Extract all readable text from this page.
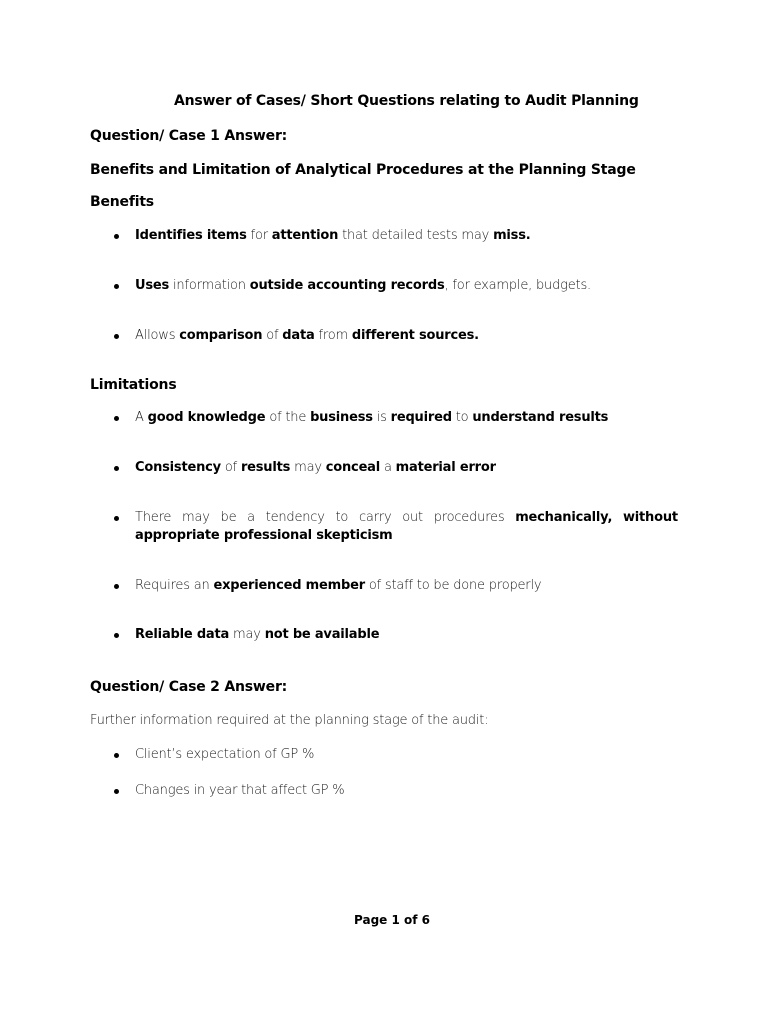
Answer of Cases/ Short Questions relating to Audit Planning
Question/ Case 1 Answer:
Benefits and Limitation of Analytical Procedures at the Planning Stage
Benefits
Identifies items for attention that detailed tests may miss.
Uses information outside accounting records, for example, budgets.
Allows comparison of data from different sources.
Limitations
A good knowledge of the business is required to understand results
Consistency of results may conceal a material error
There may be a tendency to carry out procedures mechanically, without
appropriate professional skepticism
Requires an experienced member of staff to be done properly
Reliable data may not be available
Question/ Case 2 Answer:
Further information required at the planning stage of the audit:
Client’s expectation of GP %
Changes in year that affect GP %
Page 1 of 6
